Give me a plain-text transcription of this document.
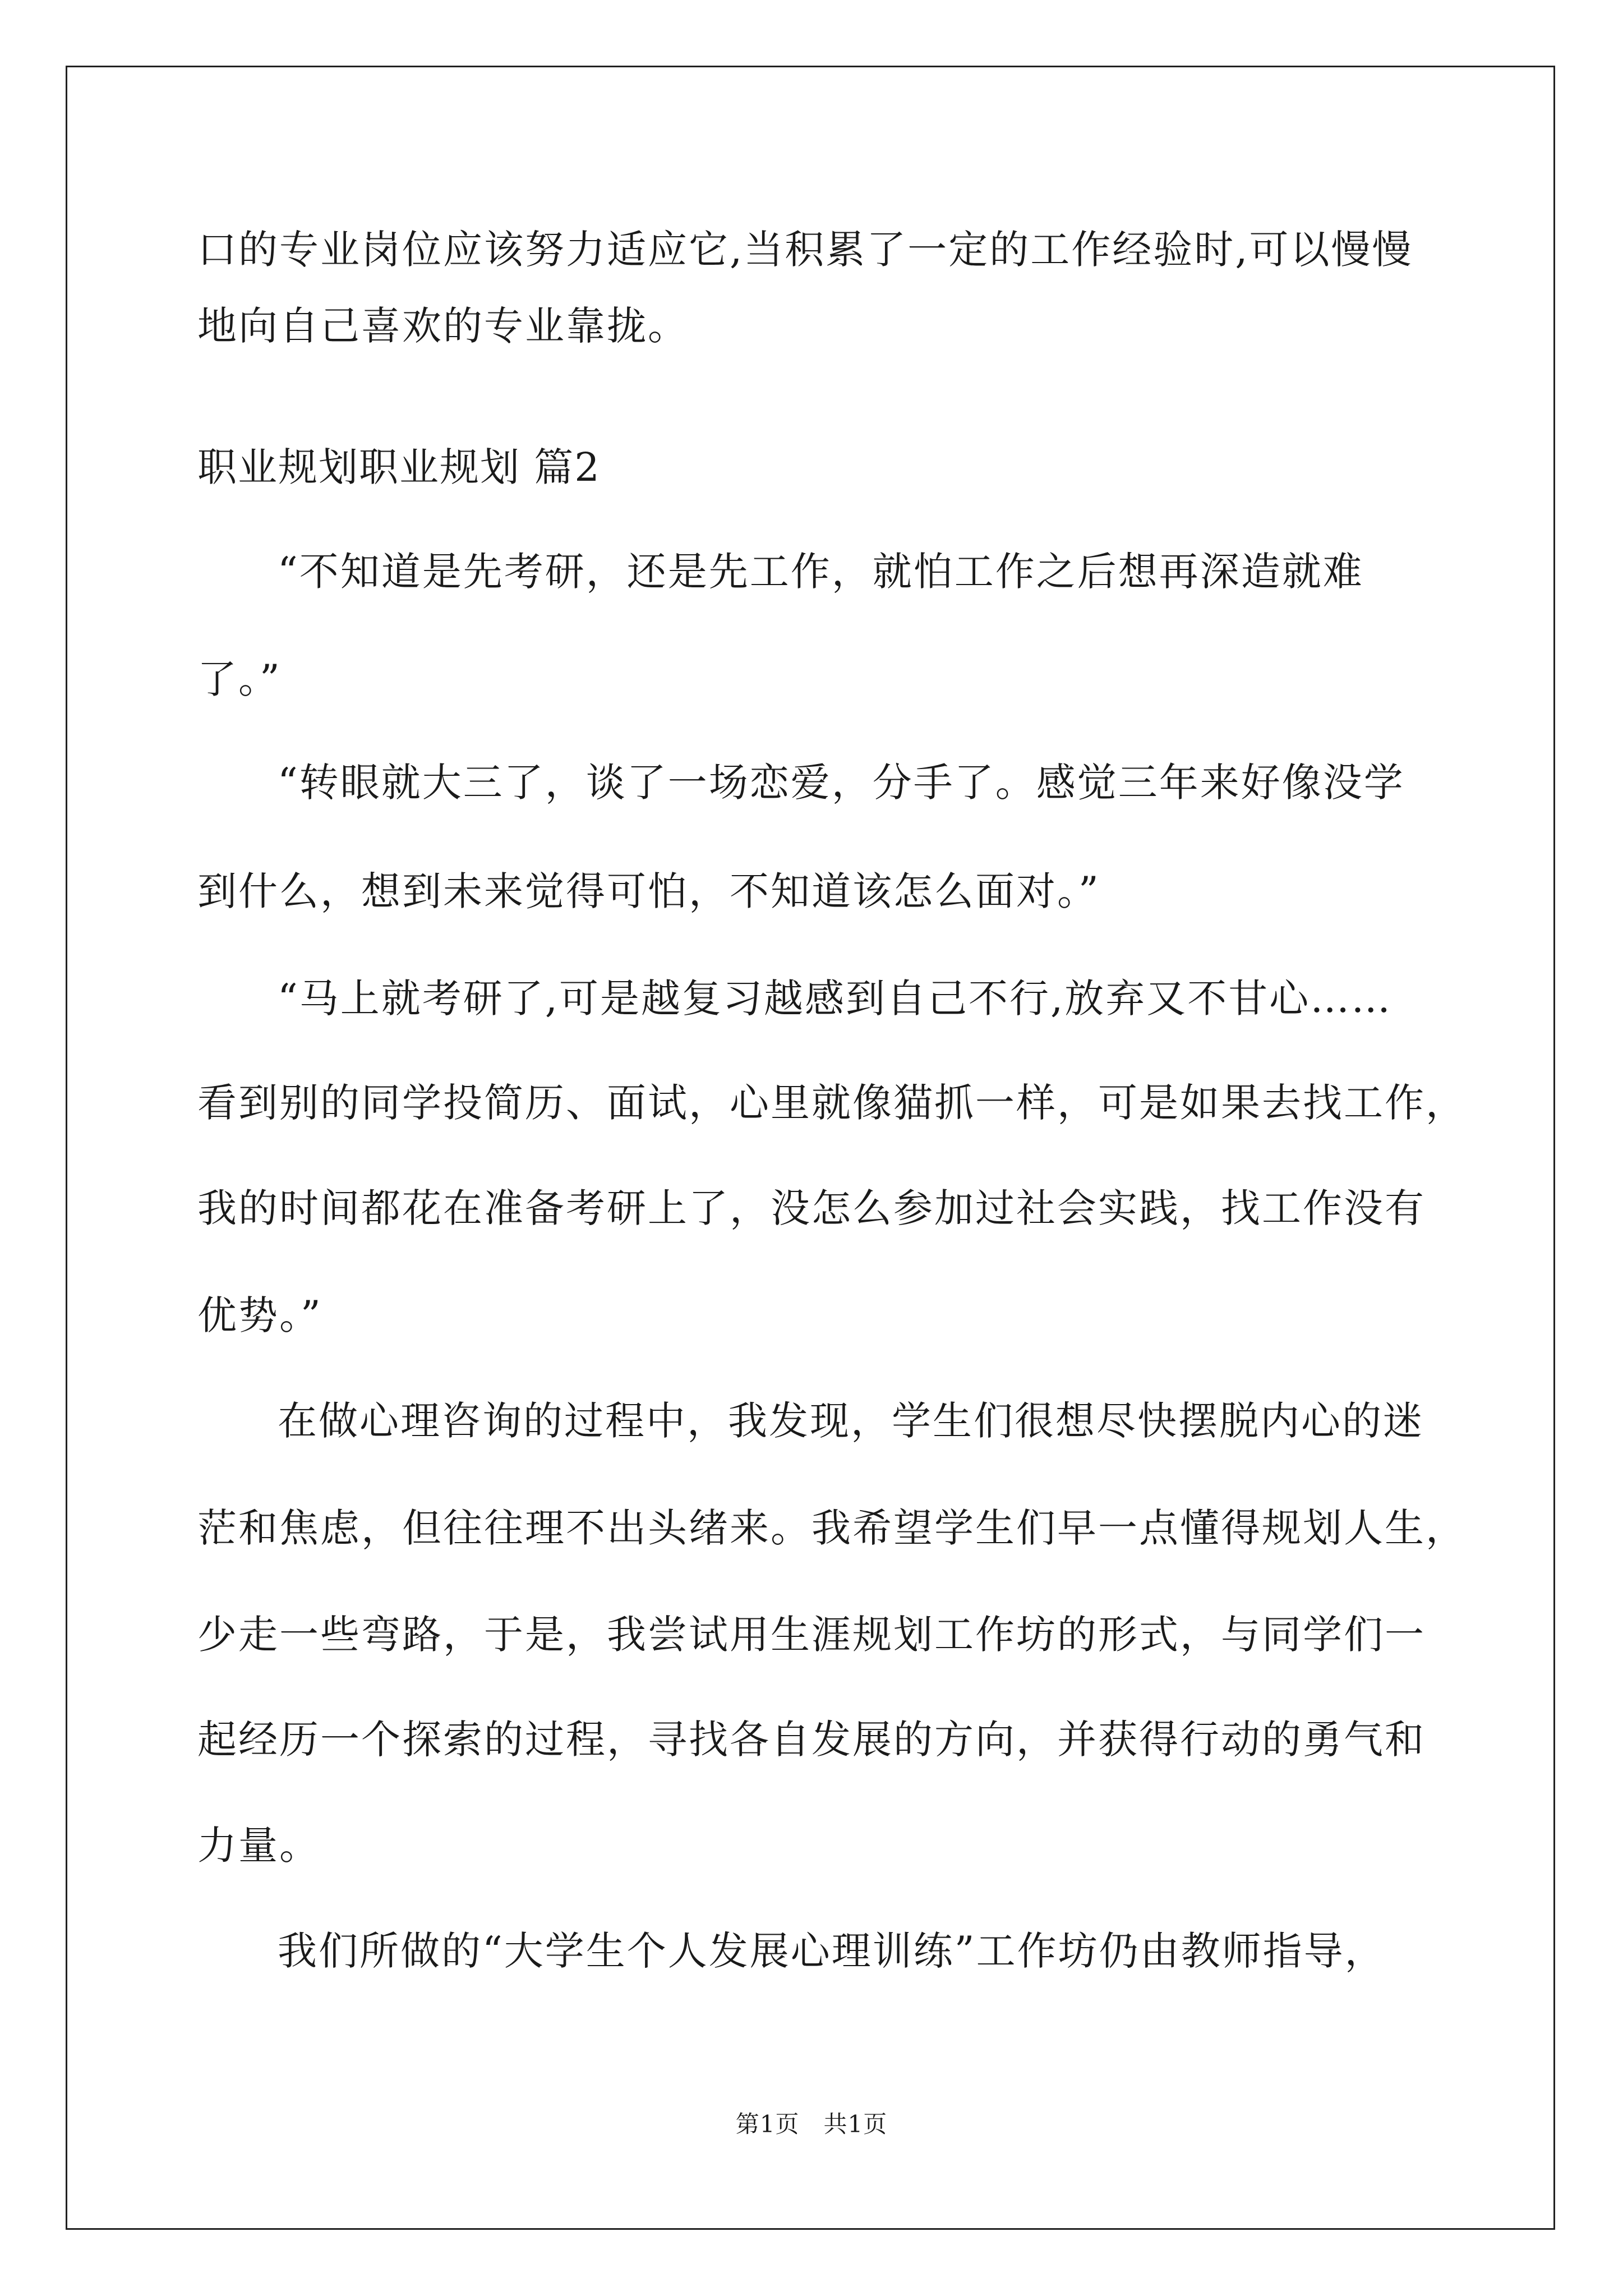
口的专业岗位应该努力适应它,当积累了一定的工作经验时,可以慢慢
地向自己喜欢的专业靠拢。
职业规划职业规划 篇2
“不知道是先考研，还是先工作，就怕工作之后想再深造就难
了。”
“转眼就大三了，谈了一场恋爱，分手了。感觉三年来好像没学
到什么，想到未来觉得可怕，不知道该怎么面对。”
“马上就考研了,可是越复习越感到自己不行,放弃又不甘心……
看到别的同学投简历、面试，心里就像猫抓一样，可是如果去找工作，
我的时间都花在准备考研上了，没怎么参加过社会实践，找工作没有
优势。”
在做心理咨询的过程中，我发现，学生们很想尽快摆脱内心的迷
茫和焦虑，但往往理不出头绪来。我希望学生们早一点懂得规划人生，
少走一些弯路，于是，我尝试用生涯规划工作坊的形式，与同学们一
起经历一个探索的过程，寻找各自发展的方向，并获得行动的勇气和
力量。
我们所做的“大学生个人发展心理训练”工作坊仍由教师指导，
第1页　共1页
